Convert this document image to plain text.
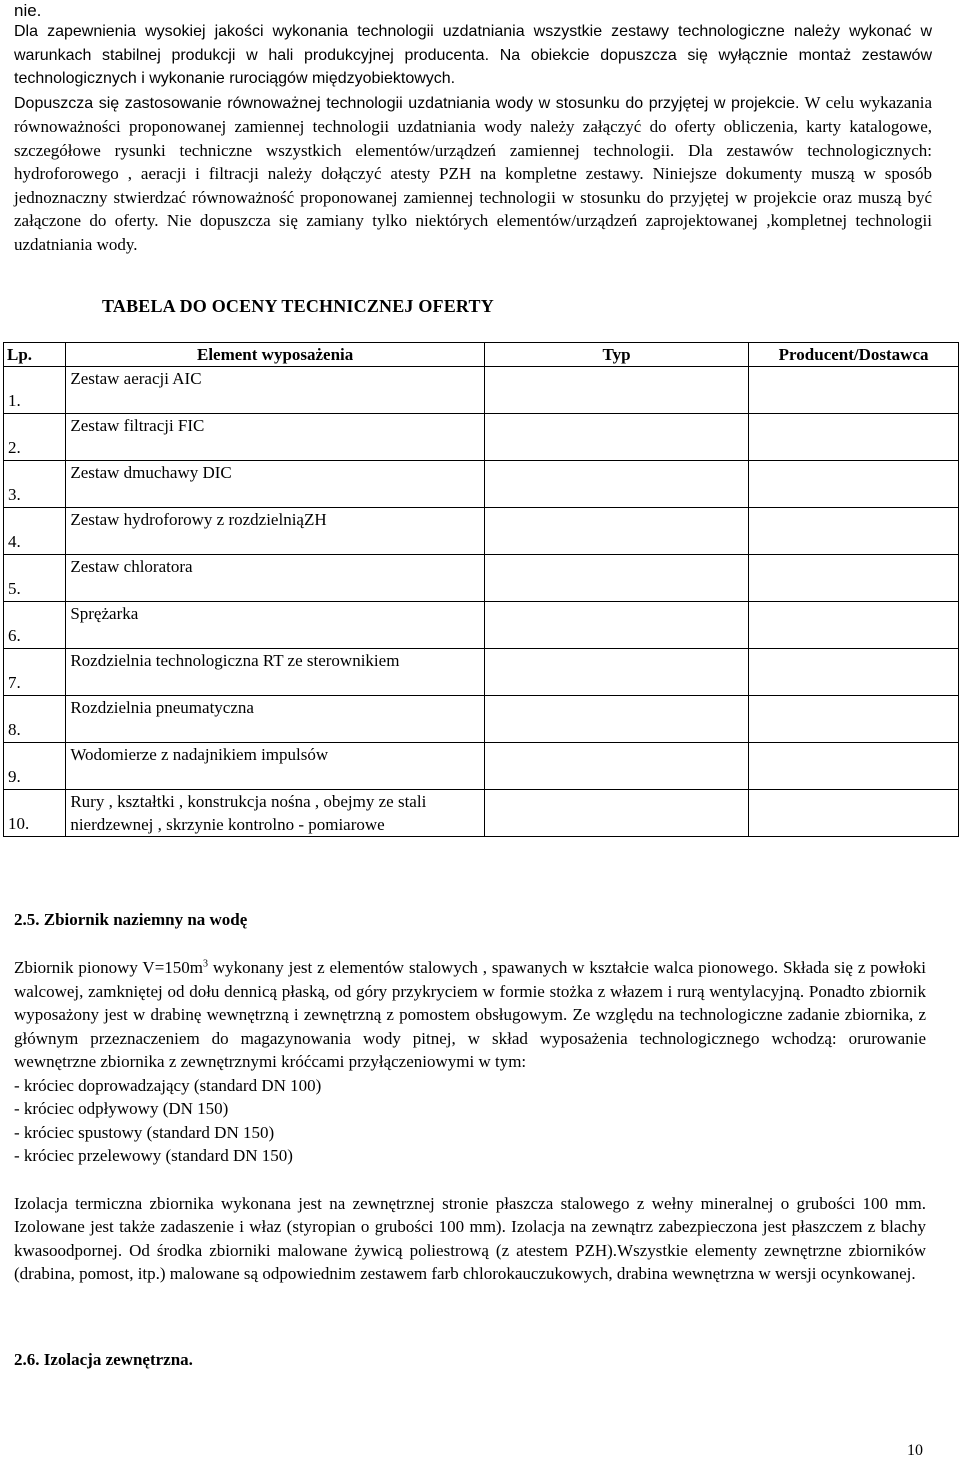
nie.

Dla zapewnienia wysokiej jakości wykonania technologii uzdatniania wszystkie zestawy technologiczne należy wykonać w warunkach stabilnej produkcji w hali produkcyjnej producenta. Na obiekcie dopuszcza się wyłącznie montaż zestawów technologicznych i wykonanie rurociągów międzyobiektowych.

Dopuszcza się zastosowanie równoważnej technologii uzdatniania wody w stosunku do przyjętej w projekcie. W celu wykazania równoważności proponowanej zamiennej technologii uzdatniania wody należy załączyć do oferty obliczenia, karty katalogowe, szczegółowe rysunki techniczne wszystkich elementów/urządzeń zamiennej technologii. Dla zestawów technologicznych: hydroforowego , aeracji i filtracji należy dołączyć atesty PZH na kompletne zestawy. Niniejsze dokumenty muszą w sposób jednoznaczny stwierdzać równoważność proponowanej zamiennej technologii w stosunku do przyjętej w projekcie oraz muszą być załączone do oferty. Nie dopuszcza się zamiany tylko niektórych elementów/urządzeń zaprojektowanej ,kompletnej technologii uzdatniania wody.

TABELA DO OCENY TECHNICZNEJ OFERTY
Lp.	Element wyposażenia	Typ	Producent/Dostawca

1.	Zestaw aeracji AIC		

2.	Zestaw filtracji FIC		

3.	Zestaw dmuchawy DIC		

4.	Zestaw hydroforowy z rozdzielniąZH		

5.	Zestaw chloratora		

6.	Sprężarka		

7.	Rozdzielnia technologiczna RT ze sterownikiem		

8.	Rozdzielnia pneumatyczna		

9.	Wodomierze z nadajnikiem impulsów		

10.	Rury , kształtki , konstrukcja nośna , obejmy ze stali nierdzewnej , skrzynie kontrolno - pomiarowe		
2.5. Zbiornik naziemny na wodę

Zbiornik pionowy $V=150m^3$ wykonany jest z elementów stalowych , spawanych w kształcie walca pionowego. Składa się z powłoki walcowej, zamkniętej od dołu dennicą płaską, od góry przykryciem w formie stożka z włazem i rurą wentylacyjną. Ponadto zbiornik wyposażony jest w drabinę wewnętrzną i zewnętrzną z pomostem obsługowym. Ze względu na technologiczne zadanie zbiornika, z głównym przeznaczeniem do magazynowania wody pitnej, w skład wyposażenia technologicznego wchodzą: orurowanie wewnętrzne zbiornika z zewnętrznymi króćcami przyłączeniowymi w tym:

- króciec doprowadzający (standard DN 100)

- króciec odpływowy (DN 150)

- króciec spustowy (standard DN 150)

- króciec przelewowy (standard DN 150)

Izolacja termiczna zbiornika wykonana jest na zewnętrznej stronie płaszcza stalowego z wełny mineralnej o grubości 100 mm. Izolowane jest także zadaszenie i właz (styropian o grubości 100 mm). Izolacja na zewnątrz zabezpieczona jest płaszczem z blachy kwasoodpornej. Od środka zbiorniki malowane żywicą poliestrową (z atestem PZH).Wszystkie elementy zewnętrzne zbiorników (drabina, pomost, itp.) malowane są odpowiednim zestawem farb chlorokauczukowych, drabina wewnętrzna w wersji ocynkowanej.

2.6. Izolacja zewnętrzna.
10
